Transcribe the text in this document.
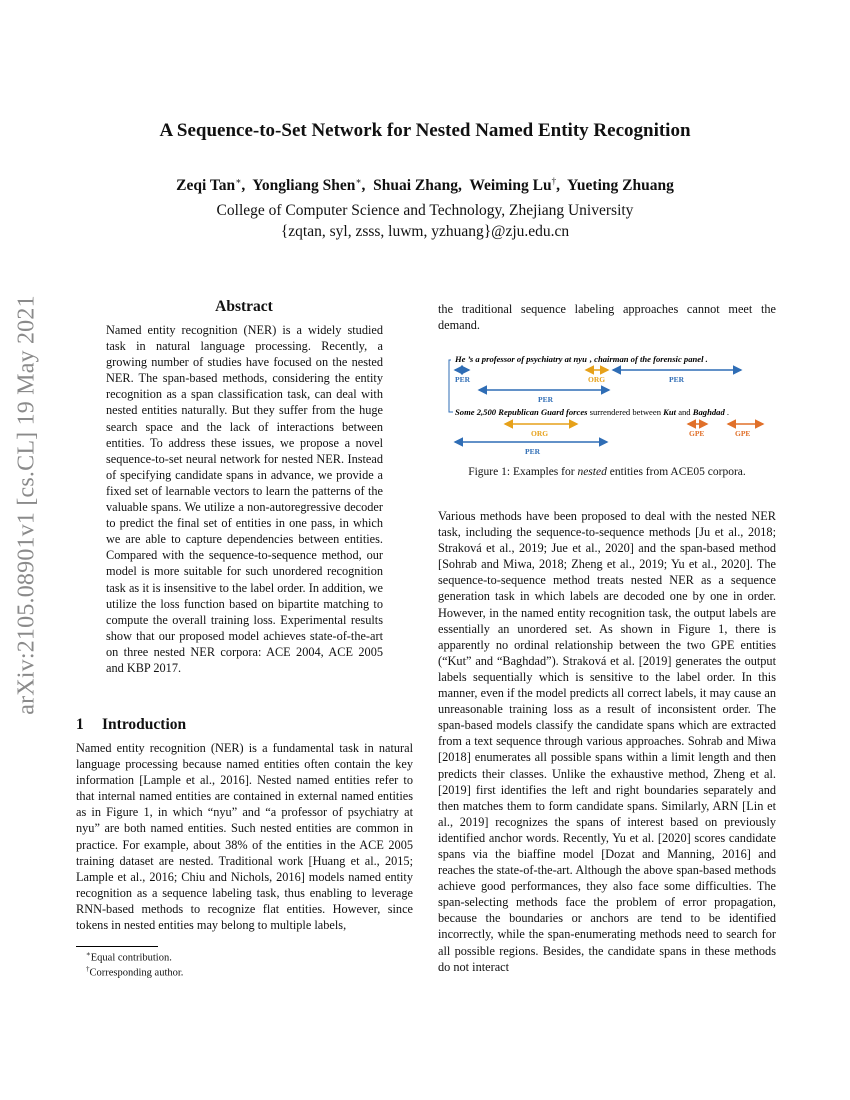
arXiv:2105.08901v1 [cs.CL] 19 May 2021
A Sequence-to-Set Network for Nested Named Entity Recognition
Zeqi Tan∗,  Yongliang Shen∗,  Shuai Zhang,  Weiming Lu†,  Yueting Zhuang
College of Computer Science and Technology, Zhejiang University
{zqtan, syl, zsss, luwm, yzhuang}@zju.edu.cn
Abstract
Named entity recognition (NER) is a widely studied task in natural language processing. Recently, a growing number of studies have focused on the nested NER. The span-based methods, considering the entity recognition as a span classification task, can deal with nested entities naturally. But they suffer from the huge search space and the lack of interactions between entities. To address these issues, we propose a novel sequence-to-set neural network for nested NER. Instead of specifying candidate spans in advance, we provide a fixed set of learnable vectors to learn the patterns of the valuable spans. We utilize a non-autoregressive decoder to predict the final set of entities in one pass, in which we are able to capture dependencies between entities. Compared with the sequence-to-sequence method, our model is more suitable for such unordered recognition task as it is insensitive to the label order. In addition, we utilize the loss function based on bipartite matching to compute the overall training loss. Experimental results show that our proposed model achieves state-of-the-art on three nested NER corpora: ACE 2004, ACE 2005 and KBP 2017.
1 Introduction
Named entity recognition (NER) is a fundamental task in natural language processing because named entities often contain the key information [Lample et al., 2016]. Nested named entities refer to that internal named entities are contained in external named entities as in Figure 1, in which “nyu” and “a professor of psychiatry at nyu” are both named entities. Such nested entities are common in practice. For example, about 38% of the entities in the ACE 2005 training dataset are nested. Traditional work [Huang et al., 2015; Lample et al., 2016; Chiu and Nichols, 2016] models named entity recognition as a sequence labeling task, thus enabling to leverage RNN-based methods to recognize flat entities. However, since tokens in nested entities may belong to multiple labels,
∗Equal contribution.
†Corresponding author.
the traditional sequence labeling approaches cannot meet the demand.
He ’s a professor of psychiatry at nyu , chairman of the forensic panel .
PER	ORG	PER
PER
Some 2,500 Republican Guard forces surrendered between Kut and Baghdad .
ORG	GPE	GPE
PER
Figure 1: Examples for nested entities from ACE05 corpora.
Various methods have been proposed to deal with the nested NER task, including the sequence-to-sequence methods [Ju et al., 2018; Straková et al., 2019; Jue et al., 2020] and the span-based method [Sohrab and Miwa, 2018; Zheng et al., 2019; Yu et al., 2020]. The sequence-to-sequence method treats nested NER as a sequence generation task in which labels are decoded one by one in order. However, in the named entity recognition task, the output labels are essentially an unordered set. As shown in Figure 1, there is apparently no ordinal relationship between the two GPE entities (“Kut” and “Baghdad”). Straková et al. [2019] generates the output labels sequentially which is sensitive to the label order. In this manner, even if the model predicts all correct labels, it may cause an unreasonable training loss as a result of inconsistent order. The span-based models classify the candidate spans which are extracted from a text sequence through various approaches. Sohrab and Miwa [2018] enumerates all possible spans within a limit length and then predicts their classes. Unlike the exhaustive method, Zheng et al. [2019] first identifies the left and right boundaries separately and then matches them to form candidate spans. Similarly, ARN [Lin et al., 2019] recognizes the spans of interest based on previously identified anchor words. Recently, Yu et al. [2020] scores candidate spans via the biaffine model [Dozat and Manning, 2016] and reaches the state-of-the-art. Although the above span-based methods achieve good performances, they also face some difficulties. The span-selecting methods face the problem of error propagation, because the boundaries or anchors are tend to be identified incorrectly, while the span-enumerating methods need to search for all possible regions. Besides, the candidate spans in these methods do not interact
